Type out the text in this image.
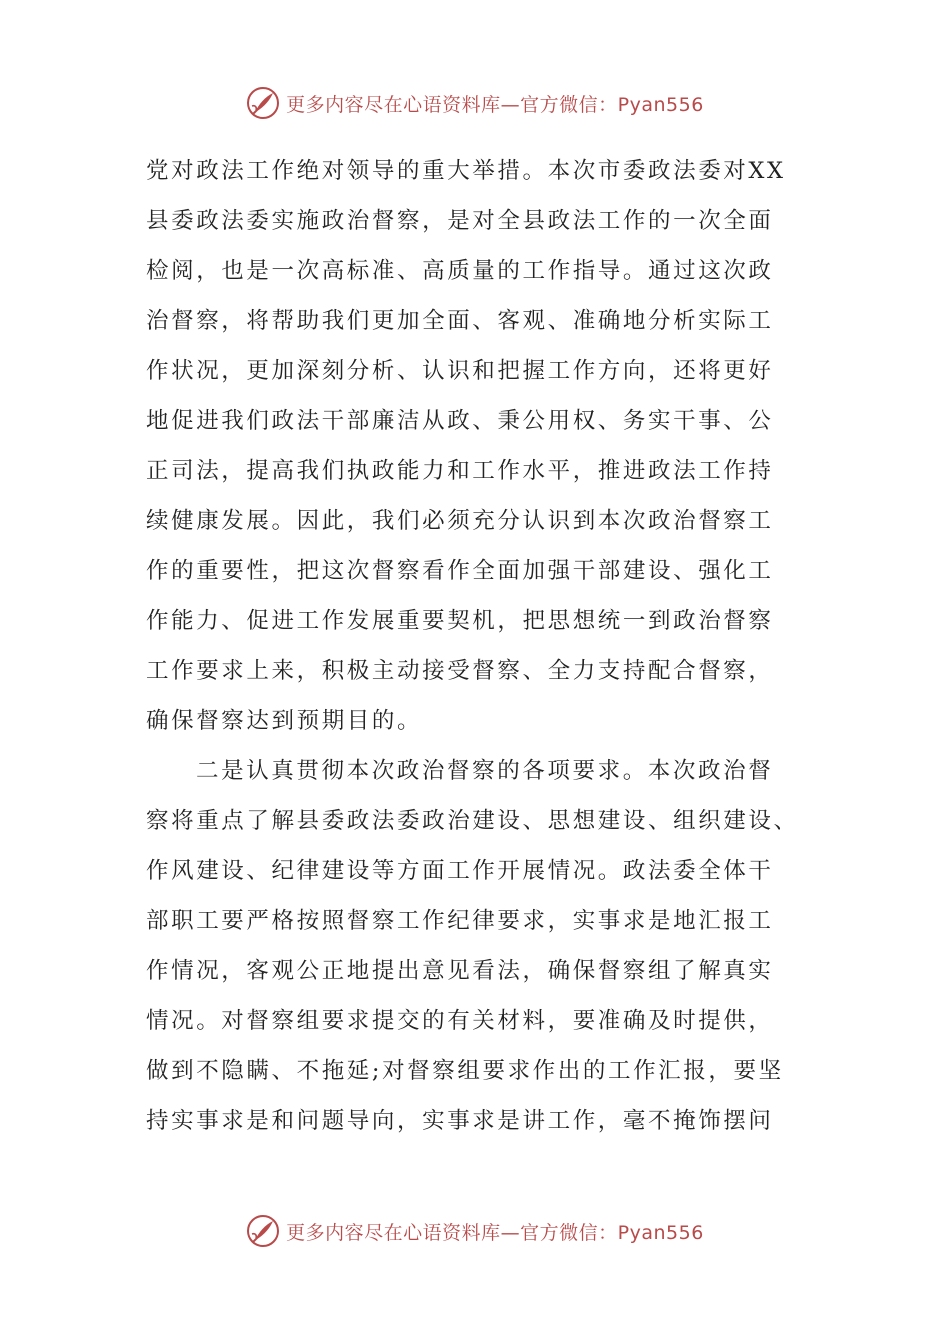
更多内容尽在心语资料库—官方微信：Pyan556
党对政法工作绝对领导的重大举措。本次市委政法委对XX
县委政法委实施政治督察，是对全县政法工作的一次全面
检阅，也是一次高标准、高质量的工作指导。通过这次政
治督察，将帮助我们更加全面、客观、准确地分析实际工
作状况，更加深刻分析、认识和把握工作方向，还将更好
地促进我们政法干部廉洁从政、秉公用权、务实干事、公
正司法，提高我们执政能力和工作水平，推进政法工作持
续健康发展。因此，我们必须充分认识到本次政治督察工
作的重要性，把这次督察看作全面加强干部建设、强化工
作能力、促进工作发展重要契机，把思想统一到政治督察
工作要求上来，积极主动接受督察、全力支持配合督察，
确保督察达到预期目的。
二是认真贯彻本次政治督察的各项要求。本次政治督
察将重点了解县委政法委政治建设、思想建设、组织建设、
作风建设、纪律建设等方面工作开展情况。政法委全体干
部职工要严格按照督察工作纪律要求，实事求是地汇报工
作情况，客观公正地提出意见看法，确保督察组了解真实
情况。对督察组要求提交的有关材料，要准确及时提供，
做到不隐瞒、不拖延;对督察组要求作出的工作汇报，要坚
持实事求是和问题导向，实事求是讲工作，毫不掩饰摆问
更多内容尽在心语资料库—官方微信：Pyan556
